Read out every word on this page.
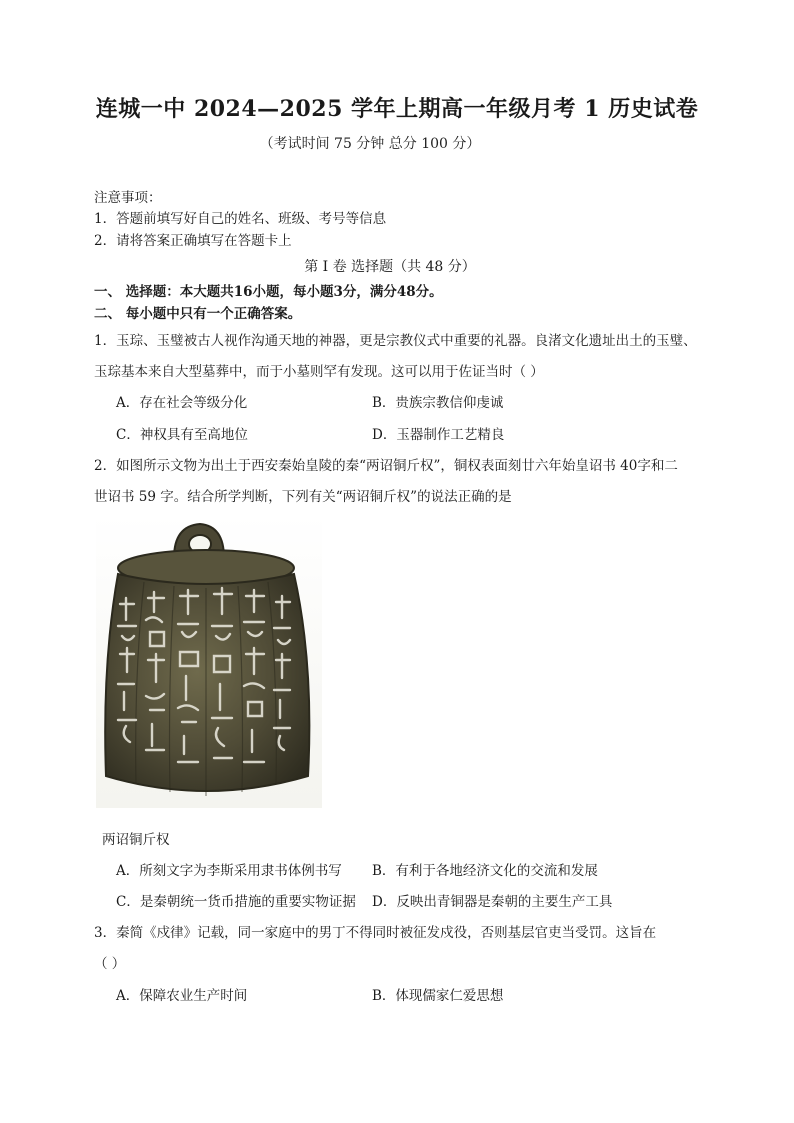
连城一中 2024—2025 学年上期高一年级月考 1 历史试卷
（考试时间 75 分钟 总分 100 分）
注意事项：
1．答题前填写好自己的姓名、班级、考号等信息
2．请将答案正确填写在答题卡上
第 I 卷 选择题（共 48 分）
一、 选择题：本大题共16小题，每小题3分，满分48分。
二、 每小题中只有一个正确答案。
1．玉琮、玉璧被古人视作沟通天地的神器，更是宗教仪式中重要的礼器。良渚文化遗址出土的玉璧、
玉琮基本来自大型墓葬中，而于小墓则罕有发现。这可以用于佐证当时（ ）
A．存在社会等级分化	B．贵族宗教信仰虔诚
C．神权具有至高地位	D．玉器制作工艺精良
2．如图所示文物为出土于西安秦始皇陵的秦“两诏铜斤权”，铜权表面刻廿六年始皇诏书 40字和二
世诏书 59 字。结合所学判断，下列有关“两诏铜斤权”的说法正确的是
两诏铜斤权
A．所刻文字为李斯采用隶书体例书写 B．有利于各地经济文化的交流和发展
C．是秦朝统一货币措施的重要实物证据 D．反映出青铜器是秦朝的主要生产工具
3．秦简《戍律》记载，同一家庭中的男丁不得同时被征发戍役，否则基层官吏当受罚。这旨在
（ ）
A．保障农业生产时间	B．体现儒家仁爱思想
